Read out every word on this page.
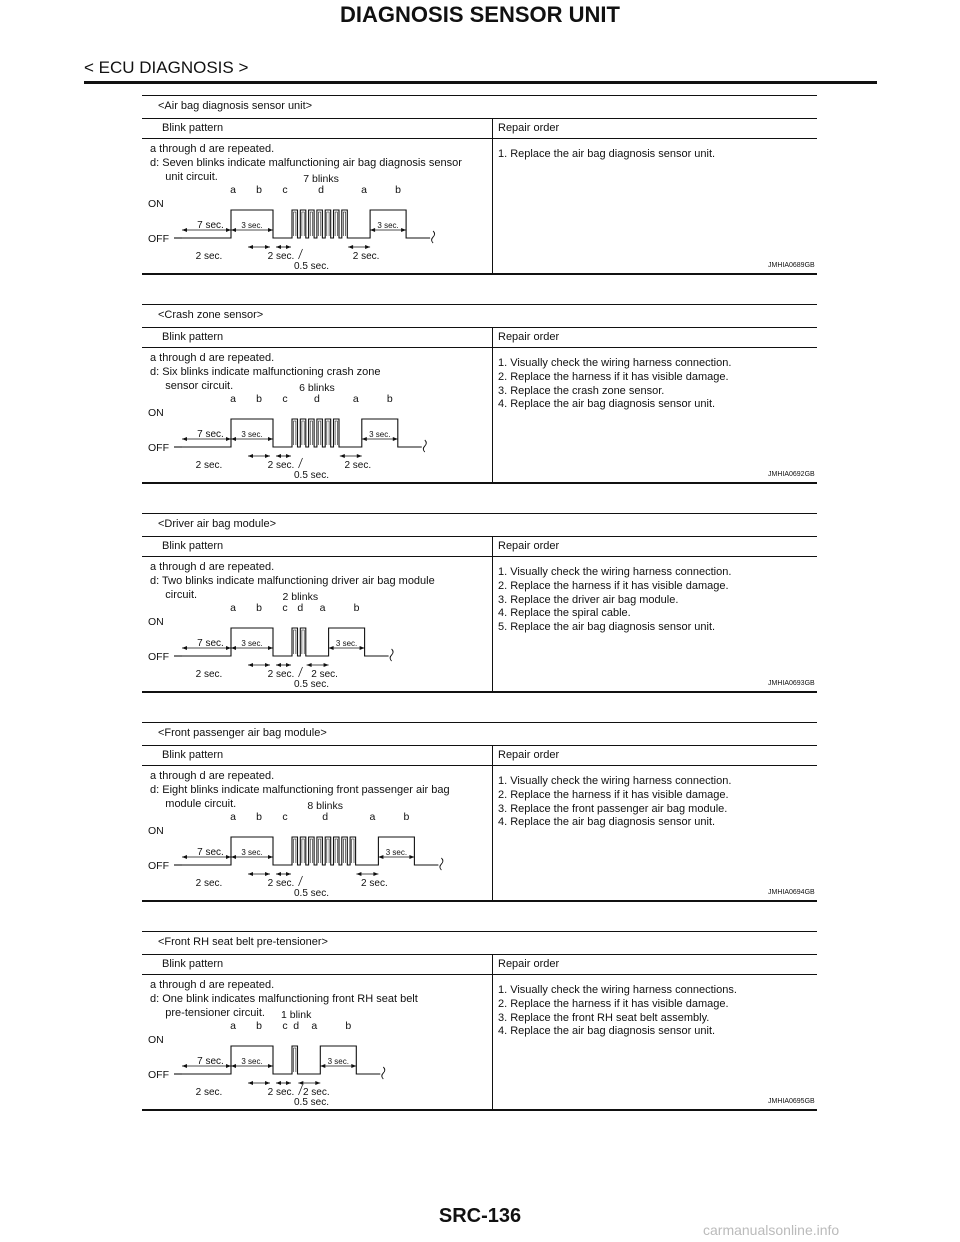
DIAGNOSIS SENSOR UNIT
< ECU DIAGNOSIS >
<Air bag diagnosis sensor unit>
Blink pattern	Repair order
a through d are repeated.
d: Seven blinks indicate malfunctioning air bag diagnosis sensor
unit circuit.
1. Replace the air bag diagnosis sensor unit.
JMHIA0689GB
ON
OFF
7 sec. 3 sec.	3 sec.
2 sec.	2 sec.	2 sec.
0.5 sec.
a b c	d	a	b
7 blinks
<Crash zone sensor>
Blink pattern	Repair order
a through d are repeated.
d: Six blinks indicate malfunctioning crash zone
sensor circuit.
1. Visually check the wiring harness connection.
2. Replace the harness if it has visible damage.
3. Replace the crash zone sensor.
4. Replace the air bag diagnosis sensor unit.
JMHIA0692GB
ON
OFF
7 sec. 3 sec.	3 sec.
2 sec.	2 sec.	2 sec.
0.5 sec.
a b c	d	a	b
6 blinks
<Driver air bag module>
Blink pattern	Repair order
a through d are repeated.
d: Two blinks indicate malfunctioning driver air bag module
circuit.
1. Visually check the wiring harness connection.
2. Replace the harness if it has visible damage.
3. Replace the driver air bag module.
4. Replace the spiral cable.
5. Replace the air bag diagnosis sensor unit.
JMHIA0693GB
ON
OFF
7 sec. 3 sec.	3 sec.
2 sec.	2 sec. 2 sec.
0.5 sec.
a b c d a	b
2 blinks
<Front passenger air bag module>
Blink pattern	Repair order
a through d are repeated.
d: Eight blinks indicate malfunctioning front passenger air bag
module circuit.
1. Visually check the wiring harness connection.
2. Replace the harness if it has visible damage.
3. Replace the front passenger air bag module.
4. Replace the air bag diagnosis sensor unit.
JMHIA0694GB
ON
OFF
7 sec. 3 sec.	3 sec.
2 sec.	2 sec.	2 sec.
0.5 sec.
a b c	d	a	b
8 blinks
<Front RH seat belt pre-tensioner>
Blink pattern	Repair order
a through d are repeated.
d: One blink indicates malfunctioning front RH seat belt
pre-tensioner circuit.
1. Visually check the wiring harness connections.
2. Replace the harness if it has visible damage.
3. Replace the front RH seat belt assembly.
4. Replace the air bag diagnosis sensor unit.
JMHIA0695GB
ON
OFF
7 sec. 3 sec.	3 sec.
2 sec.	2 sec. 2 sec.
0.5 sec.
a b c d a	b
1 blink
SRC-136
carmanualsonline.info
